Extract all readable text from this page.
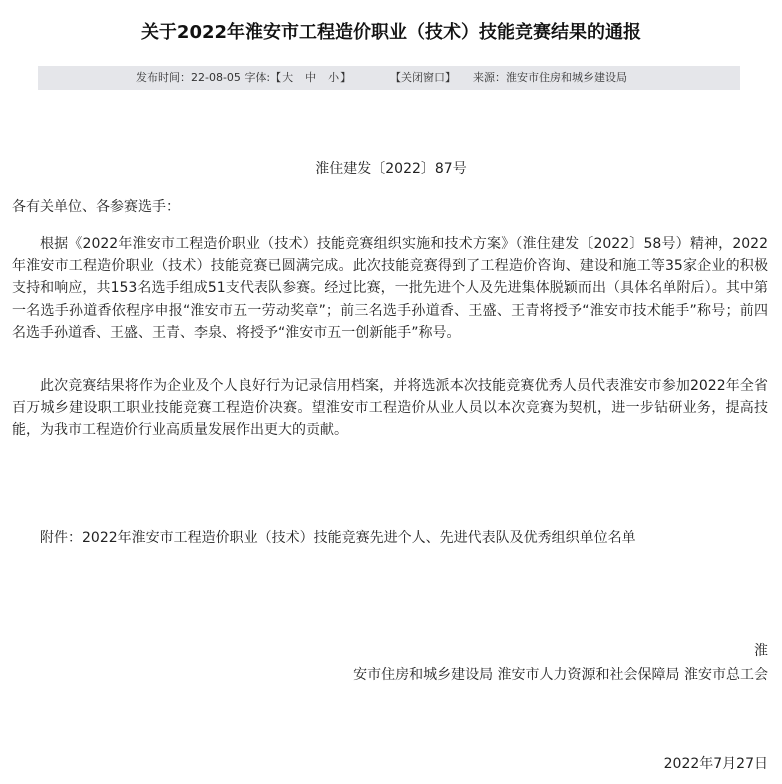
关于2022年淮安市工程造价职业（技术）技能竞赛结果的通报
发布时间：22-08-05 字体:【大 中 小】	【关闭窗口】 来源：淮安市住房和城乡建设局
淮住建发〔2022〕87号
各有关单位、各参赛选手：

根据《2022年淮安市工程造价职业（技术）技能竞赛组织实施和技术方案》（淮住建发〔2022〕58号）精神，2022年淮安市工程造价职业（技术）技能竞赛已圆满完成。此次技能竞赛得到了工程造价咨询、建设和施工等35家企业的积极支持和响应，共153名选手组成51支代表队参赛。经过比赛，一批先进个人及先进集体脱颖而出（具体名单附后）。其中第一名选手孙道香依程序申报“淮安市五一劳动奖章”；前三名选手孙道香、王盛、王青将授予“淮安市技术能手”称号；前四名选手孙道香、王盛、王青、李泉、将授予“淮安市五一创新能手”称号。

此次竞赛结果将作为企业及个人良好行为记录信用档案，并将选派本次技能竞赛优秀人员代表淮安市参加2022年全省百万城乡建设职工职业技能竞赛工程造价决赛。望淮安市工程造价从业人员以本次竞赛为契机，进一步钻研业务，提高技能，为我市工程造价行业高质量发展作出更大的贡献。

附件：2022年淮安市工程造价职业（技术）技能竞赛先进个人、先进代表队及优秀组织单位名单
淮
安市住房和城乡建设局 淮安市人力资源和社会保障局 淮安市总工会
2022年7月27日
